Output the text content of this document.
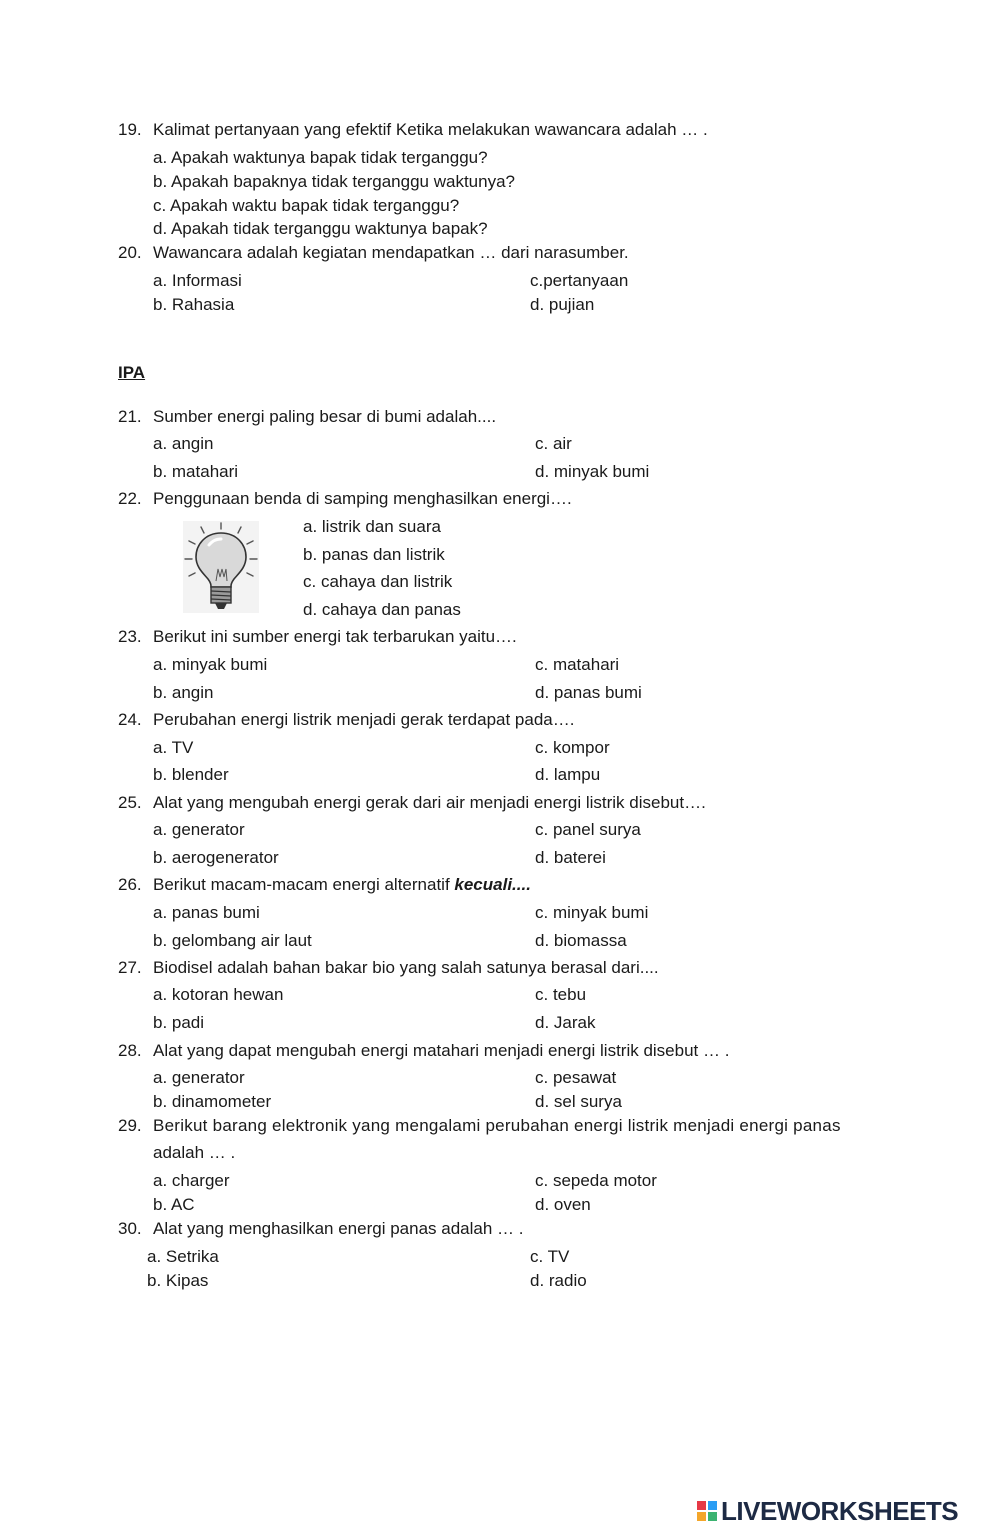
19. Kalimat pertanyaan yang efektif Ketika melakukan wawancara adalah … .
a. Apakah waktunya bapak tidak terganggu?
b. Apakah bapaknya tidak terganggu waktunya?
c. Apakah waktu bapak tidak terganggu?
d. Apakah tidak terganggu waktunya bapak?
20. Wawancara adalah kegiatan mendapatkan … dari narasumber.
a. Informasi	c.pertanyaan
b. Rahasia	d. pujian
IPA
21. Sumber energi paling besar di bumi adalah....
a. angin	c. air
b. matahari	d. minyak bumi
22. Penggunaan benda di samping menghasilkan energi….
a. listrik dan suara
b. panas dan listrik
c. cahaya dan listrik
d. cahaya dan panas
23. Berikut ini sumber energi tak terbarukan yaitu….
a. minyak bumi	c. matahari
b. angin	d. panas bumi
24. Perubahan energi listrik menjadi gerak terdapat pada….
a. TV	c. kompor
b. blender	d. lampu
25. Alat yang mengubah energi gerak dari air menjadi energi listrik disebut….
a. generator	c. panel surya
b. aerogenerator	d. baterei
26. Berikut macam-macam energi alternatif kecuali....
a. panas bumi	c. minyak bumi
b. gelombang air laut	d. biomassa
27. Biodisel adalah bahan bakar bio yang salah satunya berasal dari....
a. kotoran hewan	c. tebu
b. padi	d. Jarak
28. Alat yang dapat mengubah energi matahari menjadi energi listrik disebut … .
a. generator	c. pesawat
b. dinamometer	d. sel surya
29. Berikut barang elektronik yang mengalami perubahan energi listrik menjadi energi panas
adalah … .
a. charger	c. sepeda motor
b. AC	d. oven
30. Alat yang menghasilkan energi panas adalah … .
a. Setrika	c. TV
b. Kipas	d. radio
LIVEWORKSHEETS
